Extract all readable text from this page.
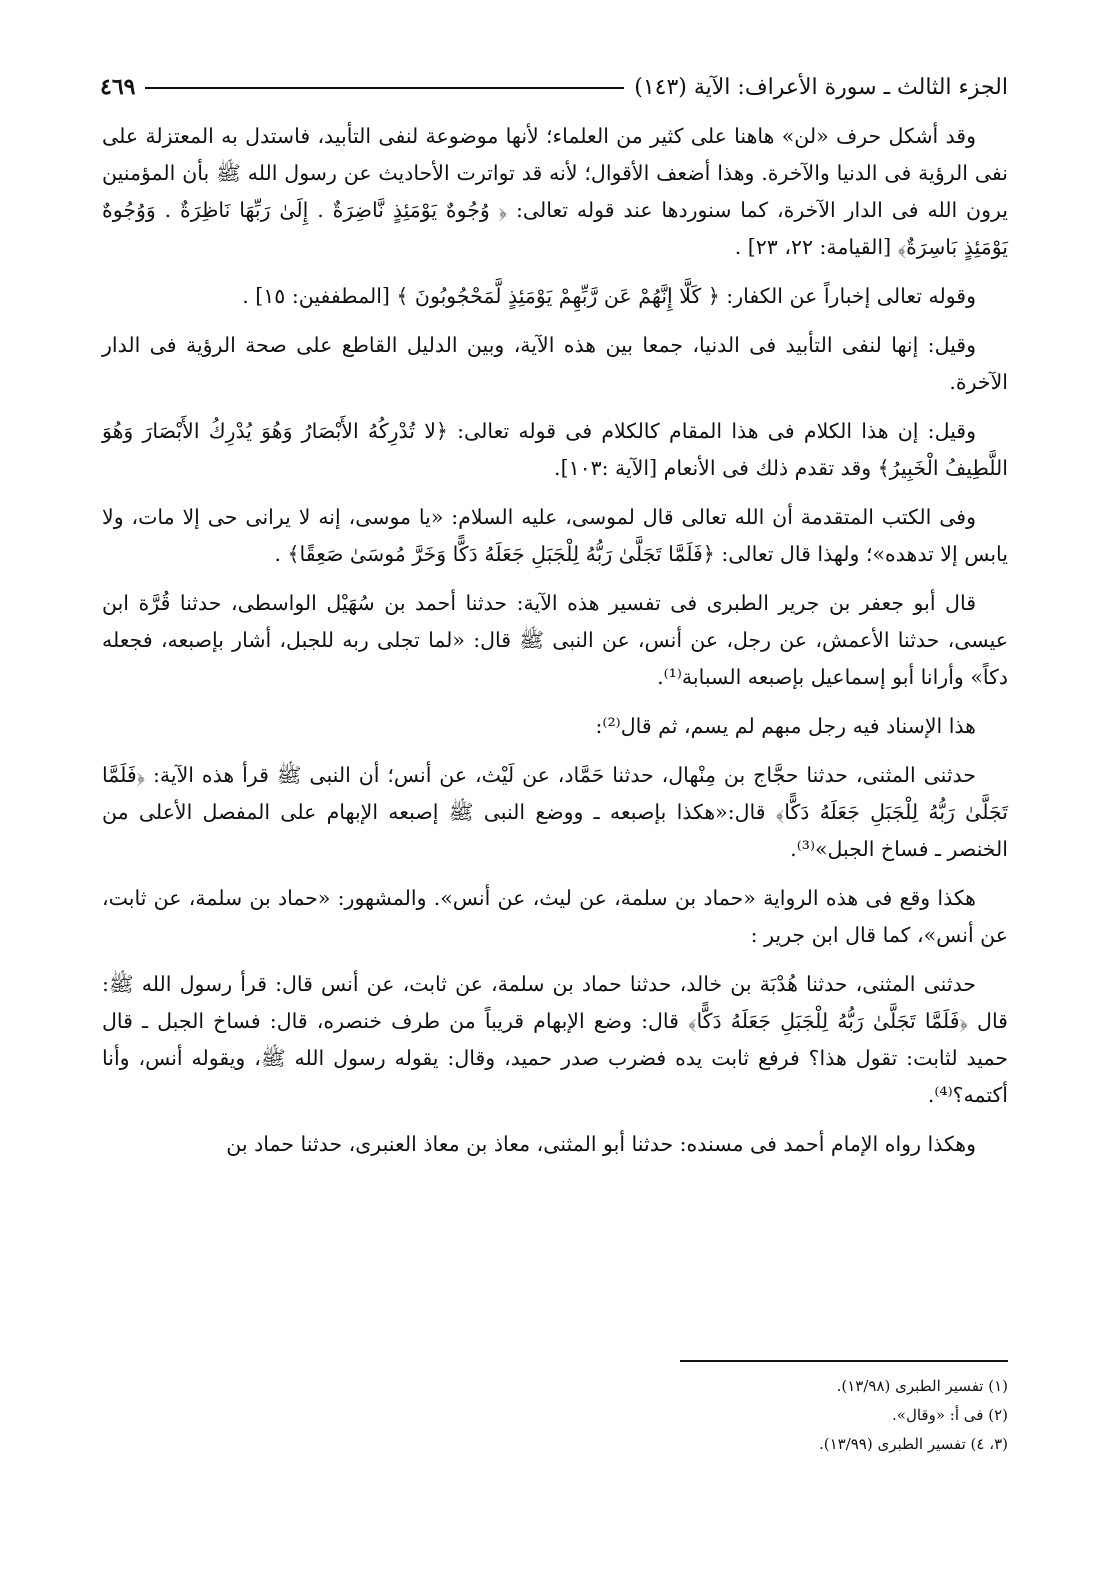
الجزء الثالث ـ سورة الأعراف: الآية (١٤٣)
٤٦٩

وقد أشكل حرف «لن» هاهنا على كثير من العلماء؛ لأنها موضوعة لنفى التأبيد، فاستدل به المعتزلة على نفى الرؤية فى الدنيا والآخرة. وهذا أضعف الأقوال؛ لأنه قد تواترت الأحاديث عن رسول الله ﷺ بأن المؤمنين يرون الله فى الدار الآخرة، كما سنوردها عند قوله تعالى: ﴿ وُجُوهٌ يَوْمَئِذٍ نَّاضِرَةٌ . إِلَىٰ رَبِّهَا نَاظِرَةٌ . وَوُجُوهٌ يَوْمَئِذٍ بَاسِرَةٌ﴾ [القيامة: ٢٢، ٢٣] .

وقوله تعالى إخباراً عن الكفار: ﴿ كَلَّا إِنَّهُمْ عَن رَّبِّهِمْ يَوْمَئِذٍ لَّمَحْجُوبُونَ ﴾ [المطففين: ١٥] .

وقيل: إنها لنفى التأبيد فى الدنيا، جمعا بين هذه الآية، وبين الدليل القاطع على صحة الرؤية فى الدار الآخرة.

وقيل: إن هذا الكلام فى هذا المقام كالكلام فى قوله تعالى: ﴿لا تُدْرِكُهُ الأَبْصَارُ وَهُوَ يُدْرِكُ الأَبْصَارَ وَهُوَ اللَّطِيفُ الْخَبِيرُ﴾ وقد تقدم ذلك فى الأنعام [الآية :١٠٣].

وفى الكتب المتقدمة أن الله تعالى قال لموسى، عليه السلام: «يا موسى، إنه لا يرانى حى إلا مات، ولا يابس إلا تدهده»؛ ولهذا قال تعالى: ﴿فَلَمَّا تَجَلَّىٰ رَبُّهُ لِلْجَبَلِ جَعَلَهُ دَكًّا وَخَرَّ مُوسَىٰ صَعِقًا﴾ .

قال أبو جعفر بن جرير الطبرى فى تفسير هذه الآية: حدثنا أحمد بن سُهَيْل الواسطى، حدثنا قُرَّة ابن عيسى، حدثنا الأعمش، عن رجل، عن أنس، عن النبى ﷺ قال: «لما تجلى ربه للجبل، أشار بإصبعه، فجعله دكاً» وأرانا أبو إسماعيل بإصبعه السبابة⁽¹⁾.

هذا الإسناد فيه رجل مبهم لم يسم، ثم قال⁽²⁾:

حدثنى المثنى، حدثنا حجَّاج بن مِنْهال، حدثنا حَمَّاد، عن لَيْث، عن أنس؛ أن النبى ﷺ قرأ هذه الآية: ﴿فَلَمَّا تَجَلَّىٰ رَبُّهُ لِلْجَبَلِ جَعَلَهُ دَكًّا﴾ قال:«هكذا بإصبعه ـ ووضع النبى ﷺ إصبعه الإبهام على المفصل الأعلى من الخنصر ـ فساخ الجبل»⁽³⁾.

هكذا وقع فى هذه الرواية «حماد بن سلمة، عن ليث، عن أنس». والمشهور: «حماد بن سلمة، عن ثابت، عن أنس»، كما قال ابن جرير :

حدثنى المثنى، حدثنا هُدْبَة بن خالد، حدثنا حماد بن سلمة، عن ثابت، عن أنس قال: قرأ رسول الله ﷺ: قال ﴿فَلَمَّا تَجَلَّىٰ رَبُّهُ لِلْجَبَلِ جَعَلَهُ دَكًّا﴾ قال: وضع الإبهام قريباً من طرف خنصره، قال: فساخ الجبل ـ قال حميد لثابت: تقول هذا؟ فرفع ثابت يده فضرب صدر حميد، وقال: يقوله رسول الله ﷺ، ويقوله أنس، وأنا أكتمه؟⁽⁴⁾.

وهكذا رواه الإمام أحمد فى مسنده: حدثنا أبو المثنى، معاذ بن معاذ العنبرى، حدثنا حماد بن

(١) تفسير الطبرى (١٣/٩٨).

(٢) فى أ: «وقال».

(٣، ٤) تفسير الطبرى (١٣/٩٩).
